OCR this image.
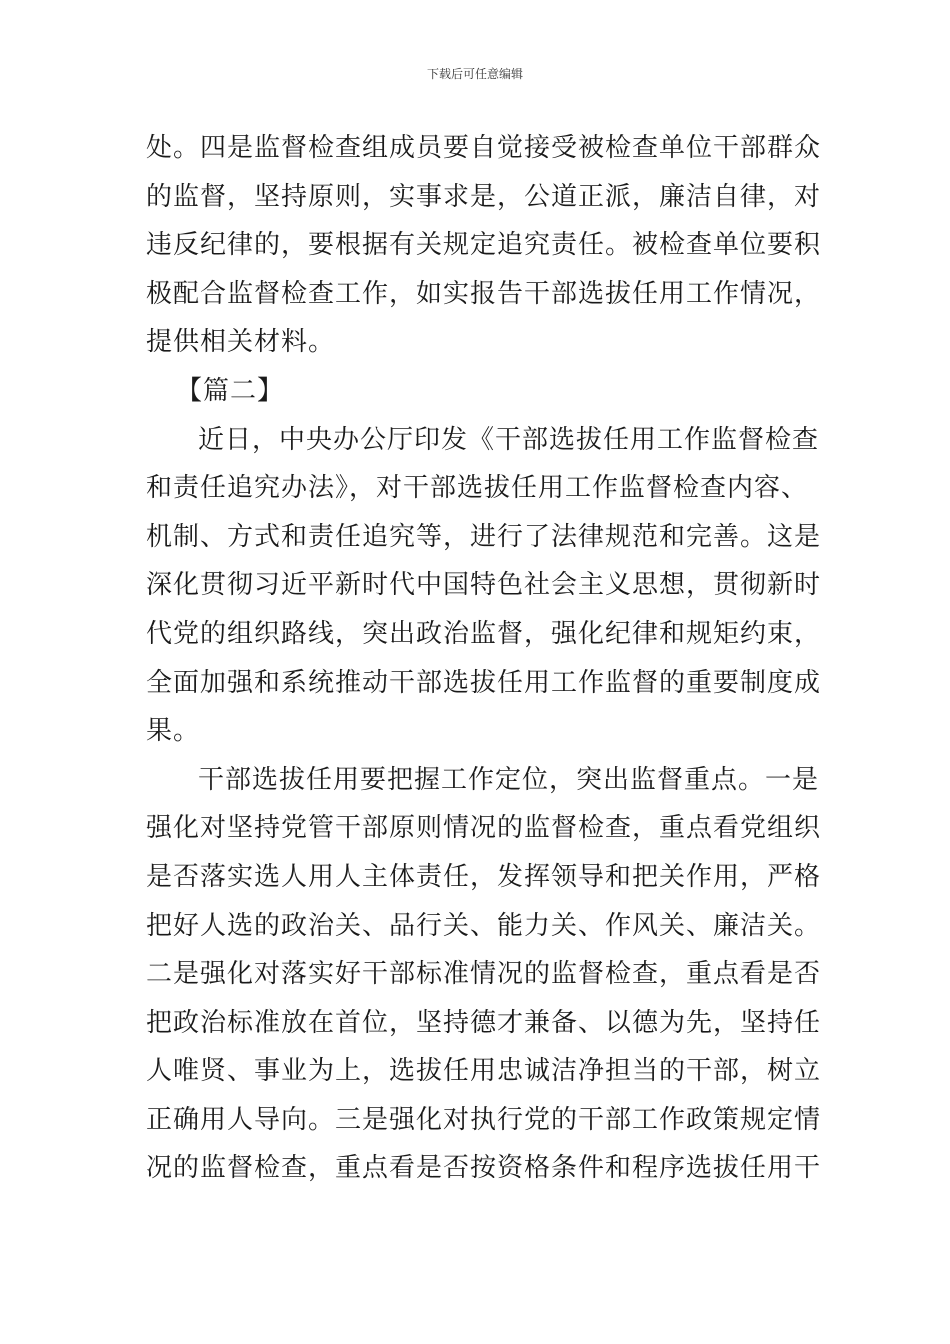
下载后可任意编辑
处。四是监督检查组成员要自觉接受被检查单位干部群众
的监督，坚持原则，实事求是，公道正派，廉洁自律，对
违反纪律的，要根据有关规定追究责任。被检查单位要积
极配合监督检查工作，如实报告干部选拔任用工作情况，
提供相关材料。
【篇二】
近日，中央办公厅印发《干部选拔任用工作监督检查
和责任追究办法》，对干部选拔任用工作监督检查内容、
机制、方式和责任追究等，进行了法律规范和完善。这是
深化贯彻习近平新时代中国特色社会主义思想，贯彻新时
代党的组织路线，突出政治监督，强化纪律和规矩约束，
全面加强和系统推动干部选拔任用工作监督的重要制度成
果。
干部选拔任用要把握工作定位，突出监督重点。一是
强化对坚持党管干部原则情况的监督检查，重点看党组织
是否落实选人用人主体责任，发挥领导和把关作用，严格
把好人选的政治关、品行关、能力关、作风关、廉洁关。
二是强化对落实好干部标准情况的监督检查，重点看是否
把政治标准放在首位，坚持德才兼备、以德为先，坚持任
人唯贤、事业为上，选拔任用忠诚洁净担当的干部，树立
正确用人导向。三是强化对执行党的干部工作政策规定情
况的监督检查，重点看是否按资格条件和程序选拔任用干
